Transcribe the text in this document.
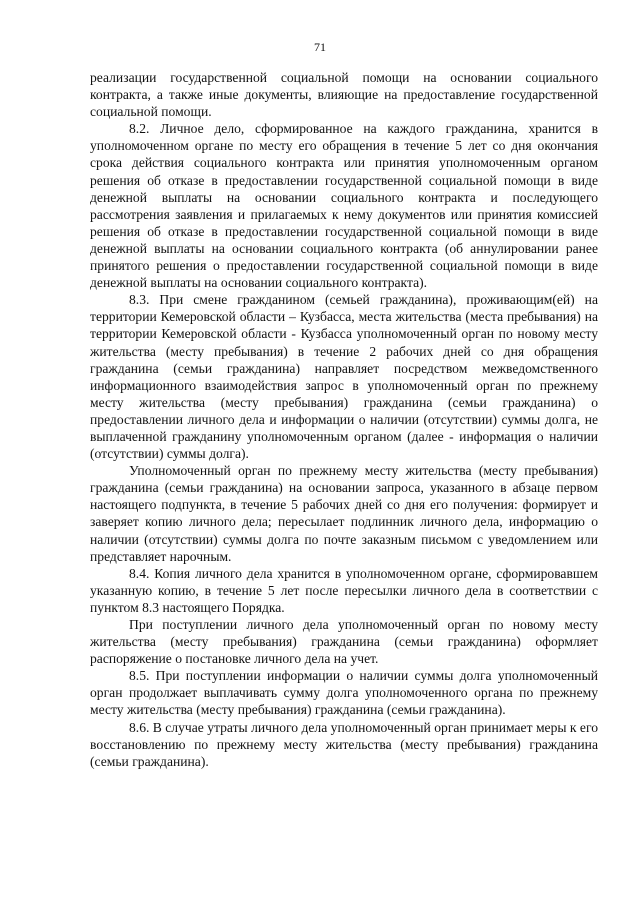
71

реализации государственной социальной помощи на основании социального контракта, а также иные документы, влияющие на предоставление государственной социальной помощи.

8.2. Личное дело, сформированное на каждого гражданина, хранится в уполномоченном органе по месту его обращения в течение 5 лет со дня окончания срока действия социального контракта или принятия уполномоченным органом решения об отказе в предоставлении государственной социальной помощи в виде денежной выплаты на основании социального контракта и последующего рассмотрения заявления и прилагаемых к нему документов или принятия комиссией решения об отказе в предоставлении государственной социальной помощи в виде денежной выплаты на основании социального контракта (об аннулировании ранее принятого решения о предоставлении государственной социальной помощи в виде денежной выплаты на основании социального контракта).

8.3. При смене гражданином (семьей гражданина), проживающим(ей) на территории Кемеровской области – Кузбасса, места жительства (места пребывания) на территории Кемеровской области - Кузбасса уполномоченный орган по новому месту жительства (месту пребывания) в течение 2 рабочих дней со дня обращения гражданина (семьи гражданина) направляет посредством межведомственного информационного взаимодействия запрос в уполномоченный орган по прежнему месту жительства (месту пребывания) гражданина (семьи гражданина) о предоставлении личного дела и информации о наличии (отсутствии) суммы долга, не выплаченной гражданину уполномоченным органом (далее - информация о наличии (отсутствии) суммы долга).

Уполномоченный орган по прежнему месту жительства (месту пребывания) гражданина (семьи гражданина) на основании запроса, указанного в абзаце первом настоящего подпункта, в течение 5 рабочих дней со дня его получения: формирует и заверяет копию личного дела; пересылает подлинник личного дела, информацию о наличии (отсутствии) суммы долга по почте заказным письмом с уведомлением или представляет нарочным.

8.4. Копия личного дела хранится в уполномоченном органе, сформировавшем указанную копию, в течение 5 лет после пересылки личного дела в соответствии с пунктом 8.3 настоящего Порядка.

При поступлении личного дела уполномоченный орган по новому месту жительства (месту пребывания) гражданина (семьи гражданина) оформляет распоряжение о постановке личного дела на учет.

8.5. При поступлении информации о наличии суммы долга уполномоченный орган продолжает выплачивать сумму долга уполномоченного органа по прежнему месту жительства (месту пребывания) гражданина (семьи гражданина).

8.6. В случае утраты личного дела уполномоченный орган принимает меры к его восстановлению по прежнему месту жительства (месту пребывания) гражданина (семьи гражданина).
